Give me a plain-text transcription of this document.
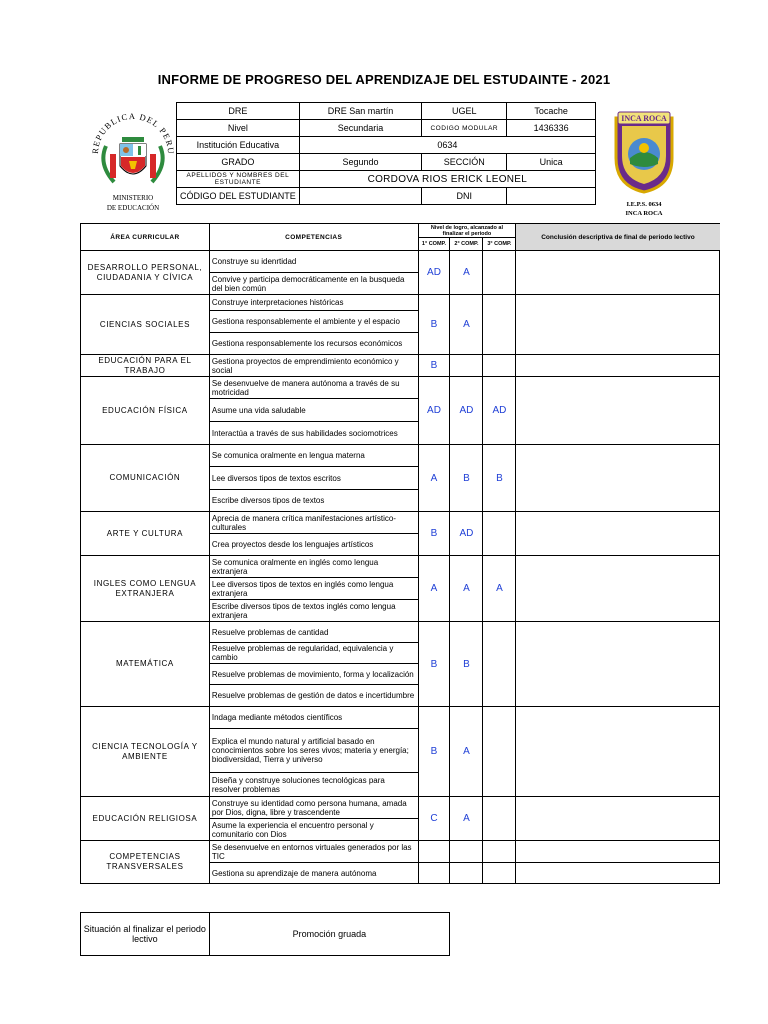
INFORME DE PROGRESO DEL APRENDIZAJE DEL ESTUDAINTE - 2021
REPUBLICA DEL PERU
MINISTERIO
DE EDUCACIÓN
INCA ROCA
I.E.P.S. 0634
INCA ROCA
DRE	DRE San martín	UGEL	Tocache
Nivel	Secundaria	CODIGO MODULAR	1436336
Institución Educativa	0634		
GRADO	Segundo	SECCIÓN	Unica
APELLIDOS Y NOMBRES DEL ESTUDIANTE	CORDOVA RIOS ERICK LEONEL		
CÓDIGO DEL ESTUDIANTE		DNI	
ÁREA CURRICULAR	COMPETENCIAS	Nivel de logro, alcanzado al finalizar el periodo			Conclusión descriptiva de final de periodo lectivo
		1° COMP.	2° COMP.	3° COMP.	
DESARROLLO PERSONAL, CIUDADANIA Y CÍVICA	Construye su idenrtidad	AD	A		
	Convive y participa democráticamente en la busqueda del bien común				
CIENCIAS SOCIALES	Construye interpretaciones históricas	B	A		
	Gestiona responsablemente el ambiente y el espacio				
	Gestiona responsablemente los recursos económicos				
EDUCACIÓN PARA EL TRABAJO	Gestiona proyectos de emprendimiento económico y social	B			
EDUCACIÓN FÍSICA	Se desenvuelve de manera autónoma a través de su motricidad	AD	AD	AD	
	Asume una vida saludable				
	Interactúa a través de sus habilidades sociomotrices				
COMUNICACIÓN	Se comunica oralmente en lengua materna	A	B	B	
	Lee diversos tipos de textos escritos				
	Escribe diversos tipos de textos				
ARTE Y CULTURA	Aprecia de manera crítica manifestaciones artístico-culturales	B	AD		
	Crea proyectos desde los lenguajes artísticos				
INGLES COMO LENGUA EXTRANJERA	Se comunica oralmente en inglés como lengua extranjera	A	A	A	
	Lee diversos tipos de textos en inglés como lengua extranjera				
	Escribe diversos tipos de textos inglés como lengua extranjera				
MATEMÁTICA	Resuelve problemas de cantidad	B	B		
	Resuelve problemas de regularidad, equivalencia y cambio				
	Resuelve problemas de movimiento, forma y localización				
	Resuelve problemas de gestión de datos e incertidumbre				
CIENCIA TECNOLOGÍA Y AMBIENTE	Indaga mediante métodos científicos	B	A		
	Explica el mundo natural y artificial basado en conocimientos sobre los seres vivos; materia y energía; biodiversidad, Tierra y universo				
	Diseña y construye soluciones tecnológicas para resolver problemas				
EDUCACIÓN RELIGIOSA	Construye su identidad como persona humana, amada por Dios, digna, libre y trascendente	C	A		
	Asume la experiencia el encuentro personal y comunitario con Dios				
COMPETENCIAS TRANSVERSALES	Se desenvuelve en entornos virtuales generados por las TIC				
	Gestiona su aprendizaje de manera autónoma				
Situación al finalizar el periodo lectivo	Promoción gruada
